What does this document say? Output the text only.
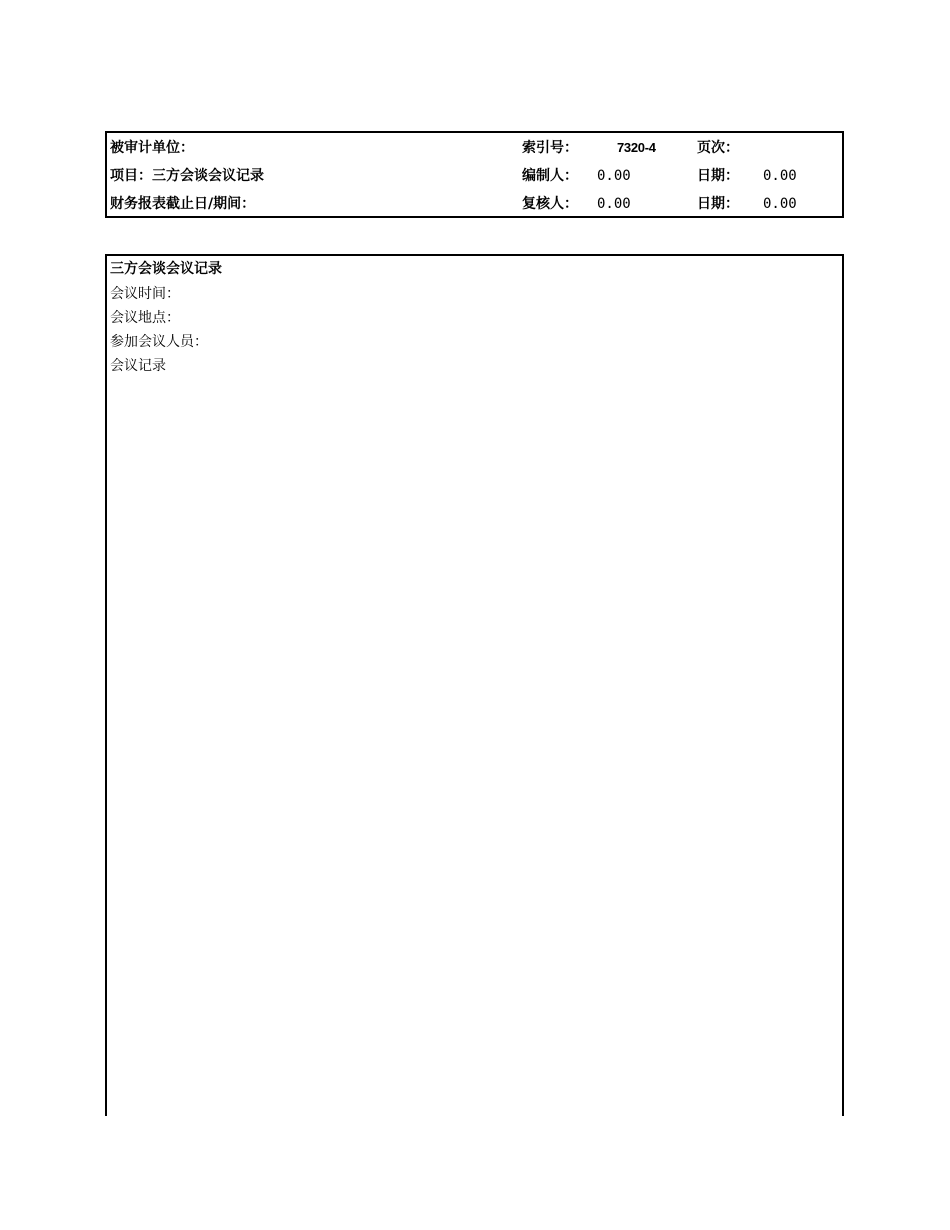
被审计单位：	索引号：	7320-4	页次：
项目：三方会谈会议记录	编制人： 0.00	日期： 0.00
财务报表截止日/期间：	复核人： 0.00	日期： 0.00
三方会谈会议记录
会议时间：
会议地点：
参加会议人员：
会议记录
